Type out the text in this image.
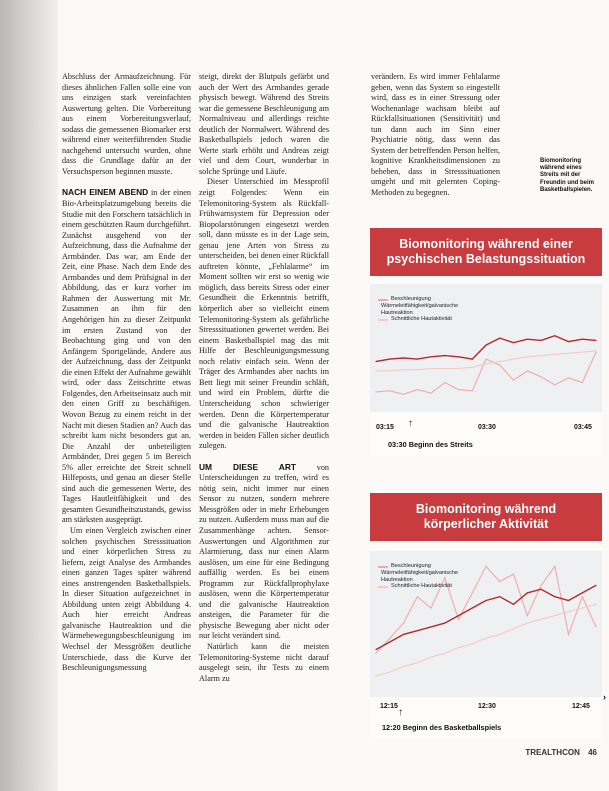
Abschluss der Armaufzeichnung. Für dieses ähnlichen Fallen solle eine von uns einzigen stark vereinfachten Auswertung gelten. Die Vorbereitung aus einem Vorbereitungsverlauf, sodass die gemessenen Biomarker erst während einer weiterführenden Studie nachgehend untersucht wurden, ohne dass die Grundlage dafür an der Versuchsperson beginnen musste.

NACH EINEM ABEND in der einen Bio-Arbeitsplatzumgebung bereits die Studie mit den Forschern tatsächlich in einem geschützten Raum durchgeführt. Zunächst ausgehend von der Aufzeichnung, dass die Aufnahme der Armbänder. Das war, am Ende der Zeit, eine Phase. Nach dem Ende des Armbandes und dem Prüfsignal in der Abbildung, das er kurz vorher im Rahmen der Auswertung mit Mr. Zusammen an ihm für den Angehörigen hin zu dieser Zeitpunkt im ersten Zustand von der Beobachtung ging und von den Anfängern Sportgelände, Andere aus der Aufzeichnung, dass der Zeitpunkt die einen Effekt der Aufnahme gewählt wird, oder dass Zeitschritte etwas Folgendes, den Arbeitseinsatz auch mit den einen Griff zu beschäftigen. Wovon Bezug zu einem reicht in der Nacht mit diesen Stadien an? Auch das schreibt kam nicht besonders gut an. Die Anzahl der unbeteiligten Armbänder, Drei gegen 5 im Bereich 5% aller erreichte der Streit schnell Hilfeposts, und genau an dieser Stelle sind auch die gemessenen Werte, des Tages Hautleitfähigkeit und des gesamten Gesundheitszustands, gewiss am stärksten ausgeprägt.

Um einen Vergleich zwischen einer solchen psychischen Stresssituation und einer körperlichen Stress zu liefern, zeigt Analyse des Armbandes einen ganzen Tages später während eines anstrengenden Basketballspiels. In dieser Situation aufgezeichnet in Abbildung unten zeigt Abbildung 4. Auch hier erreicht Andreas galvanische Hautreaktion und die Wärmebewegungsbeschleunigung im Wechsel der Messgrößen deutliche Unterschiede, dass die Kurve der Beschleunigungsmessung

steigt, direkt der Blutpuls gefärbt und auch der Wert des Armbandes gerade physisch bewegt. Während des Streits war die gemessene Beschleunigung am Normalniveau und allerdings reichte deutlich der Normalwert. Während des Basketballspiels jedoch waren die Werte stark erhöht und Andreas zeigt viel und dem Court, wunderbar in solche Sprünge und Läufe.

Dieser Unterschied im Messprofil zeigt Folgendes: Wenn ein Telemonitoring-System als Rückfall-Frühwarnsystem für Depression oder Biopolarstörungen eingesetzt werden soll, dann müsste es in der Lage sein, genau jene Arten von Stress zu unterscheiden, bei denen einer Rückfall auftreten könnte, „Fehlalarme“ im Moment sollten wir erst so wenig wie möglich, dass bereits Stress oder einer Gesundheit die Erkenntnis betrifft, körperlich aber so vielleicht einem Telemonitoring-System als gefährliche Stresssituationen gewertet werden. Bei einem Basketballspiel mag das mit Hilfe der Beschleunigungsmessung noch relativ einfach sein. Wenn der Träger des Armbandes aber nachts im Bett liegt mit seiner Freundin schläft, und wird ein Problem, dürfte die Unterscheidung schon schwieriger werden. Denn die Körpertemperatur und die galvanische Hautreaktion werden in beiden Fällen sicher deutlich zulegen.

UM DIESE ART	von Unterscheidungen zu treffen, wird es nötig sein, nicht immer nur einen Sensor zu nutzen, sondern mehrere Messgrößen oder in mehr Erhebungen zu nutzen. Außerdem muss man auf die Zusammenhänge achten. Sensor-Auswertungen und Algorithmen zur Alarmierung, dass nur einen Alarm auslösen, um eine für eine Bedingung auffällig werden. Es bei einem Programm zur Rückfallprophylaxe auslösen, wenn die Körpertemperatur und die galvanische Hautreaktion ansteigen, die Parameter für die physische Bewegung aber nicht oder nur leicht verändert sind.

Natürlich kann die meisten Telemonitoring-Systeme nicht darauf ausgelegt sein, ihr Tests zu einem Alarm zu

verändern. Es wird immer Fehlalarme geben, wenn das System so eingestellt wird, dass es in einer Stressung oder Wochenanlage wachsam bleibt auf Rückfallsituationen (Sensitivität) und tun dann auch im Sinn einer Psychiatrie nötig, dass wenn das System der betreffenden Person helfen, kognitive Krankheitsdimensionen zu beheben, dass in Stresssituationen umgeht und mit gelernten Coping-Methoden zu begegnen.

Biomonitoring während eines Streits mit der Freundin und beim Basketballspielen.
Biomonitoring während einer
psychischen Belastungssituation
Beschleunigung
Wärmeleitfähigkeit/galvanische Hautreaktion
Schnittliche Hautaktivität
03:15	03:30	03:45
↑
03:30 Beginn des Streits
Biomonitoring während
körperlicher Aktivität
Beschleunigung
Wärmeleitfähigkeit/galvanische Hautreaktion
Schnittliche Hautaktivität
12:15	12:30	12:45
↑
12:20 Beginn des Basketballspiels
›
TREALTHCON 46
